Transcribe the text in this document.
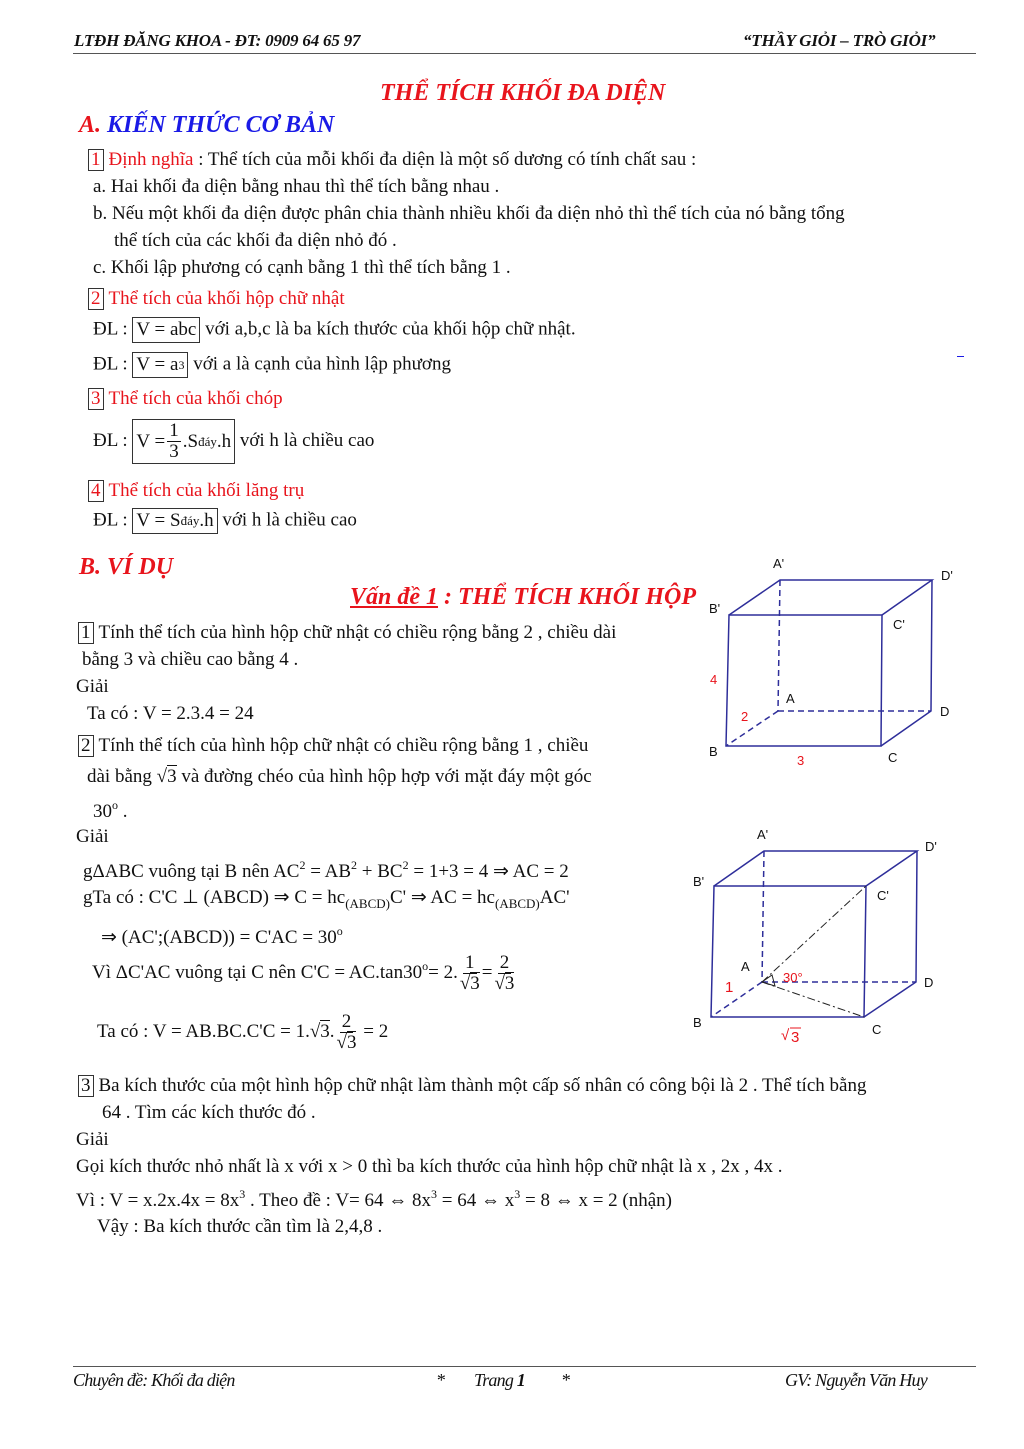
LTĐH ĐĂNG KHOA - ĐT: 0909 64 65 97	“THẦY GIỎI – TRÒ GIỎI”
THỂ TÍCH KHỐI ĐA DIỆN
A. KIẾN THỨC CƠ BẢN
1 Định nghĩa : Thể tích của mỗi khối đa diện là một số dương có tính chất sau :
a. Hai khối đa diện bằng nhau thì thể tích bằng nhau .
b. Nếu một khối đa diện được phân chia thành nhiều khối đa diện nhỏ thì thể tích của nó bằng tổng
thể tích của các khối đa diện nhỏ đó .
c. Khối lập phương có cạnh bằng 1 thì thể tích bằng 1 .
2 Thể tích của khối hộp chữ nhật
ĐL : V = abc với a,b,c là ba kích thước của khối hộp chữ nhật.
ĐL : V = a 3 với a là cạnh của hình lập phương
3 Thể tích của khối chóp
ĐL : $V = \frac{1}{3} .S$ đáy .h với h là chiều cao
4 Thể tích của khối lăng trụ
ĐL : V = S đáy .h với h là chiều cao
B. VÍ DỤ
Vấn đề 1 : THỂ TÍCH KHỐI HỘP
1 Tính thể tích của hình hộp chữ nhật có chiều rộng bằng 2 , chiều dài
bằng 3 và chiều cao bằng 4 .
Giải
Ta có : V = 2.3.4 = 24
2 Tính thể tích của hình hộp chữ nhật có chiều rộng bằng 1 , chiều
dài bằng √3 và đường chéo của hình hộp hợp với mặt đáy một góc
30$^o$ .
Giải
gΔABC vuông tại B nên $AC^2 = AB^2 + BC^2 = 1+3 = 4$ ⇒ AC = 2
gTa có : C'C ⊥ (ABCD) ⇒ $C = hc_{(ABCD)}C'$ ⇒ AC = $hc_{(ABCD)}AC'$
⇒ (AC';(ABCD)) = $C'AC = 30^o$
Vì ΔC'AC vuông tại C nên $C'C = AC.\tan 30^o= 2$. $\frac{1}{√3} = \frac{2}{√3}$
Ta có : V = AB.BC.C'C = 1.√3. $\frac{2}{√3} = 2$
3 Ba kích thước của một hình hộp chữ nhật làm thành một cấp số nhân có công bội là 2 . Thể tích bằng
64 . Tìm các kích thước đó .
Giải
Gọi kích thước nhỏ nhất là x với x > 0 thì ba kích thước của hình hộp chữ nhật là x , 2x , 4x .
Vì : $V = x.2x.4x = 8x^3$ . Theo đề : V= 64 ⇔ $8x^3 = 64$ ⇔ $x^3 = 8$ ⇔ x = 2 (nhận)
Vậy : Ba kích thước cần tìm là 2,4,8 .
A'
D'
B'
C'
A
D
B	C
4
2
3
A'
D'
B'
C'
A
D
B	C
1
30°
√ 3
Chuyên đề: Khối đa diện	* Trang 1 *	GV: Nguyễn Văn Huy
